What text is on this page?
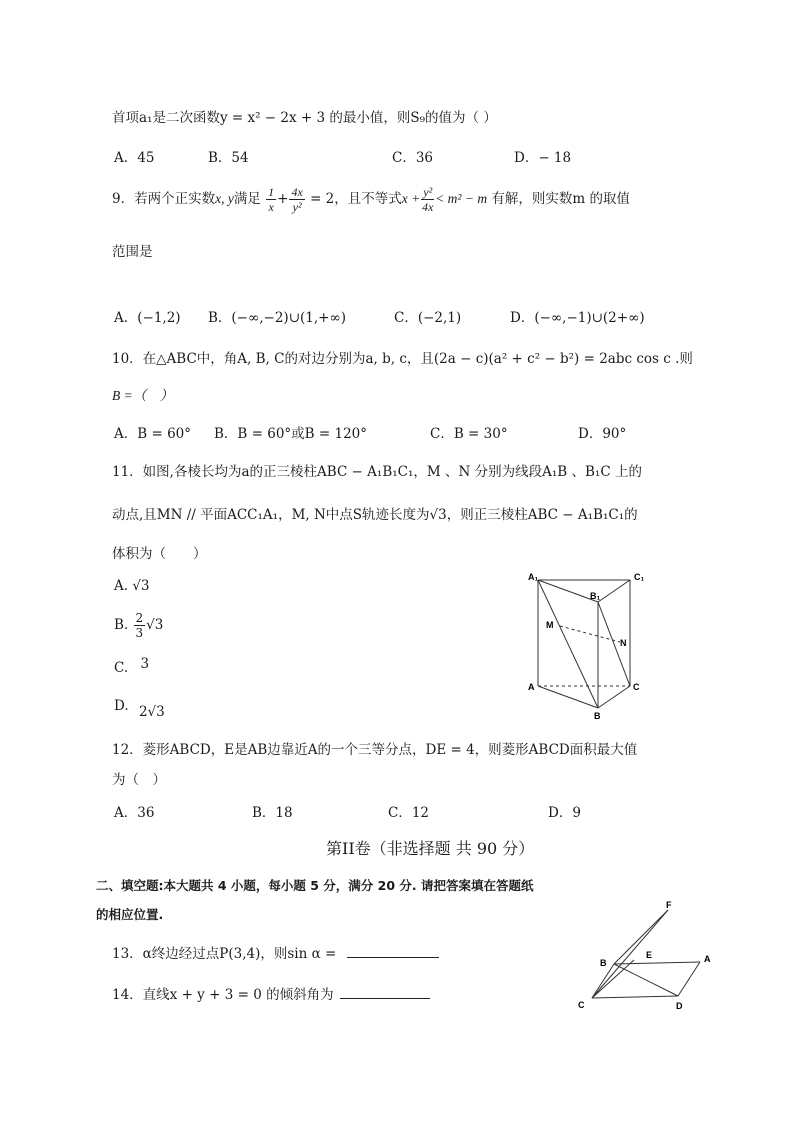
首项a₁是二次函数y = x² − 2x + 3 的最小值，则S₉的值为（ ）
A．45	B．54	C．36	D．− 18
9．若两个正实数x, y满足 $\frac{1}{x} + \frac{4x}{\text{y²}} = 2$，且不等式$x + \frac{\text{y²}}{4x} < m^2 - m$ 有解，则实数m 的取值
范围是
A．(−1,2) B．(−∞,−2)∪(1,+∞)	C．(−2,1)	D．(−∞,−1)∪(2+∞)
10．在△ABC中，角A, B, C的对边分别为a, b, c，且(2a − c)(a² + c² − b²) = 2abc cos c .则
B =（　）
A．B = 60° B．B = 60°或B = 120°	C．B = 30°	D．90°
11．如图,各棱长均为a的正三棱柱ABC − A₁B₁C₁，M 、N 分别为线段A₁B 、B₁C 上的
动点,且MN // 平面ACC₁A₁，M, N中点S轨迹长度为√3，则正三棱柱ABC − A₁B₁C₁的
体积为（　　）
A. √3
B. $\frac{2}{3} √3$
C. 3
D. 2√3
A₁
B₁
C₁
M
N
A
B
C
12．菱形ABCD，E是AB边靠近A的一个三等分点，DE = 4，则菱形ABCD面积最大值
为（　）
A．36	B．18	C．12	D．9
第II卷（非选择题 共 90 分）
二、填空题:本大题共 4 小题，每小题 5 分，满分 20 分. 请把答案填在答题纸
的相应位置.
13．α终边经过点P(3,4)，则sin α =
14．直线x + y + 3 = 0 的倾斜角为
F
E
B	A
C	D
